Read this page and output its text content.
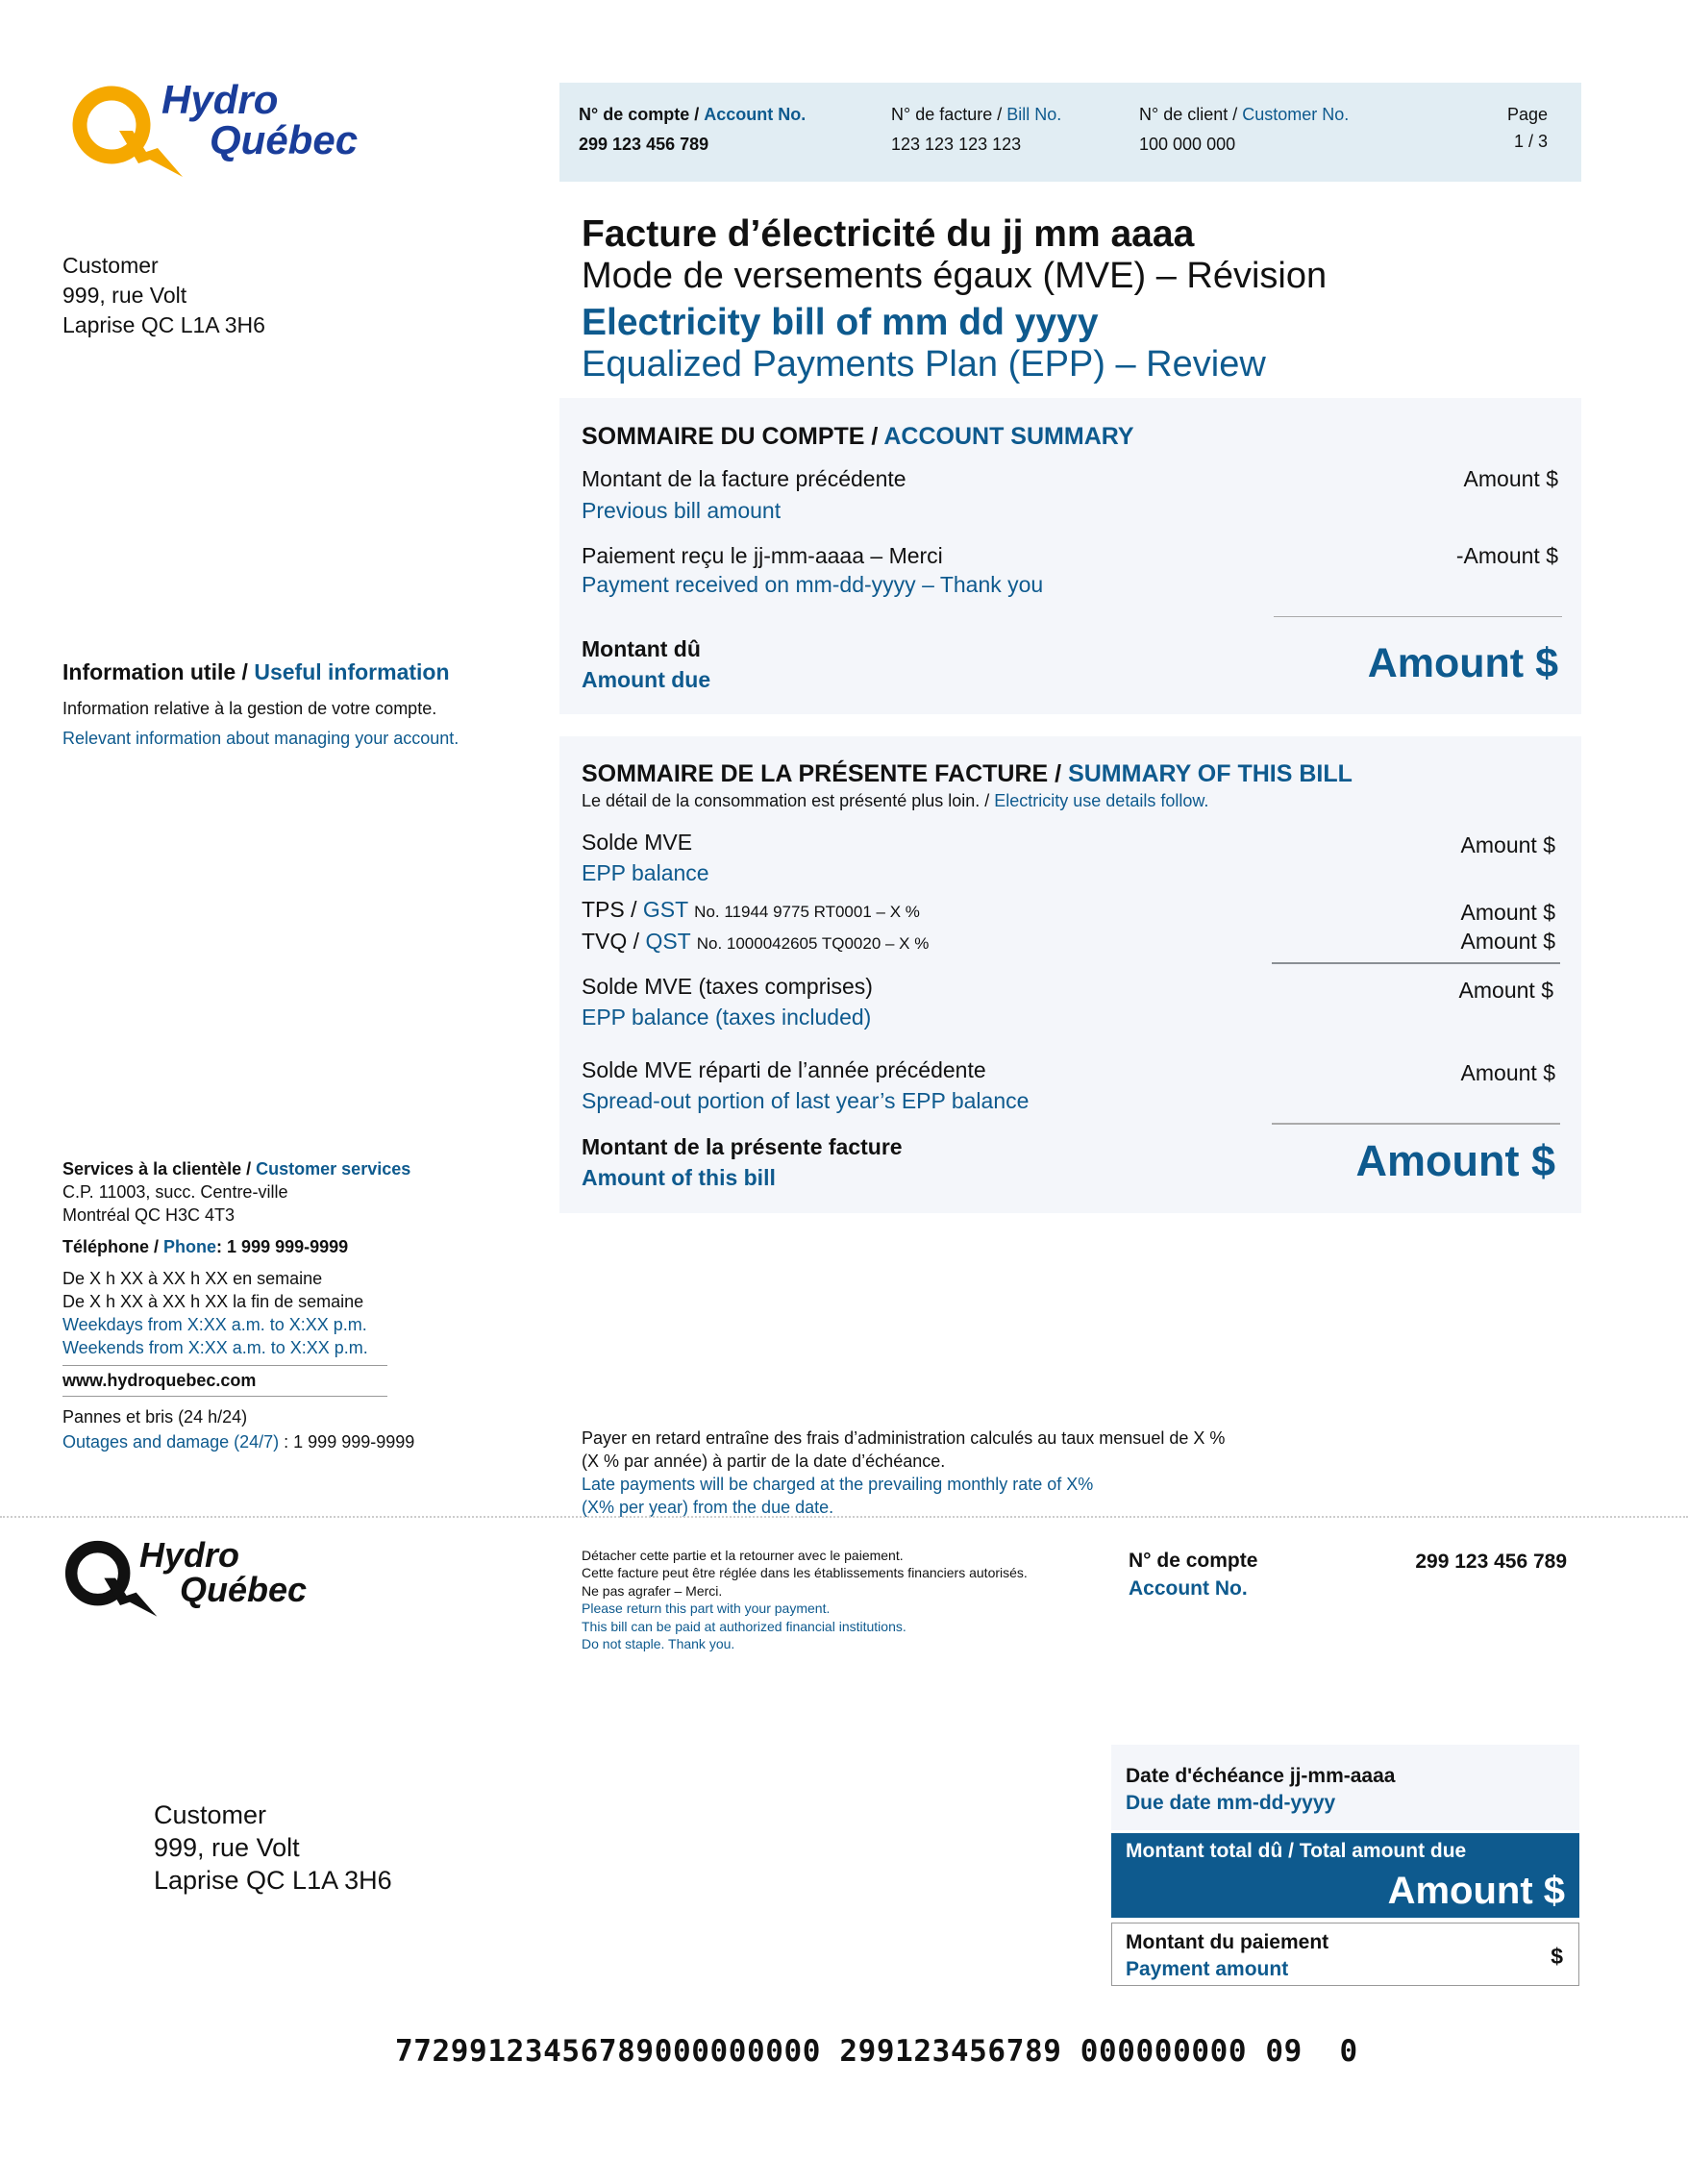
Hydro
Québec
N° de compte / Account No.
299 123 456 789
N° de facture / Bill No.
123 123 123 123
N° de client / Customer No.
100 000 000
Page
1 / 3
Customer
999, rue Volt
Laprise QC L1A 3H6
Facture d’électricité du jj mm aaaa
Mode de versements égaux (MVE) – Révision
Electricity bill of mm dd yyyy
Equalized Payments Plan (EPP) – Review
SOMMAIRE DU COMPTE / ACCOUNT SUMMARY
Montant de la facture précédente
Previous bill amount
Amount $
Paiement reçu le jj-mm-aaaa – Merci
Payment received on mm-dd-yyyy – Thank you
-Amount $
Montant dû
Amount due	Amount $
Information utile / Useful information
Information relative à la gestion de votre compte.
Relevant information about managing your account.
SOMMAIRE DE LA PRÉSENTE FACTURE / SUMMARY OF THIS BILL
Le détail de la consommation est présenté plus loin. / Electricity use details follow.
Solde MVE
EPP balance
Amount $
TPS / GST No. 11944 9775 RT0001 – X %	Amount $
TVQ / QST No. 1000042605 TQ0020 – X %	Amount $
Solde MVE (taxes comprises)
EPP balance (taxes included)
Amount $
Solde MVE réparti de l’année précédente
Spread-out portion of last year’s EPP balance
Amount $
Montant de la présente facture
Amount of this bill	Amount $
Services à la clientèle / Customer services
C.P. 11003, succ. Centre-ville
Montréal QC H3C 4T3
Téléphone / Phone: 1 999 999-9999
De X h XX à XX h XX en semaine
De X h XX à XX h XX la fin de semaine
Weekdays from X:XX a.m. to X:XX p.m.
Weekends from X:XX a.m. to X:XX p.m.
www.hydroquebec.com
Pannes et bris (24 h/24)
Outages and damage (24/7) : 1 999 999-9999	Payer en retard entraîne des frais d’administration calculés au taux mensuel de X %
(X % par année) à partir de la date d’échéance.
Late payments will be charged at the prevailing monthly rate of X%
(X% per year) from the due date.
Hydro
Québec
Détacher cette partie et la retourner avec le paiement.
Cette facture peut être réglée dans les établissements financiers autorisés.
Ne pas agrafer – Merci.
Please return this part with your payment.
This bill can be paid at authorized financial institutions.
Do not staple. Thank you.
N° de compte
Account No.
299 123 456 789
Customer
999, rue Volt
Laprise QC L1A 3H6
Date d'échéance jj-mm-aaaa
Due date mm-dd-yyyy
Montant total dû / Total amount due
Amount $
Montant du paiement
Payment amount
$
77299123456789000000000 299123456789 000000000 09  0
